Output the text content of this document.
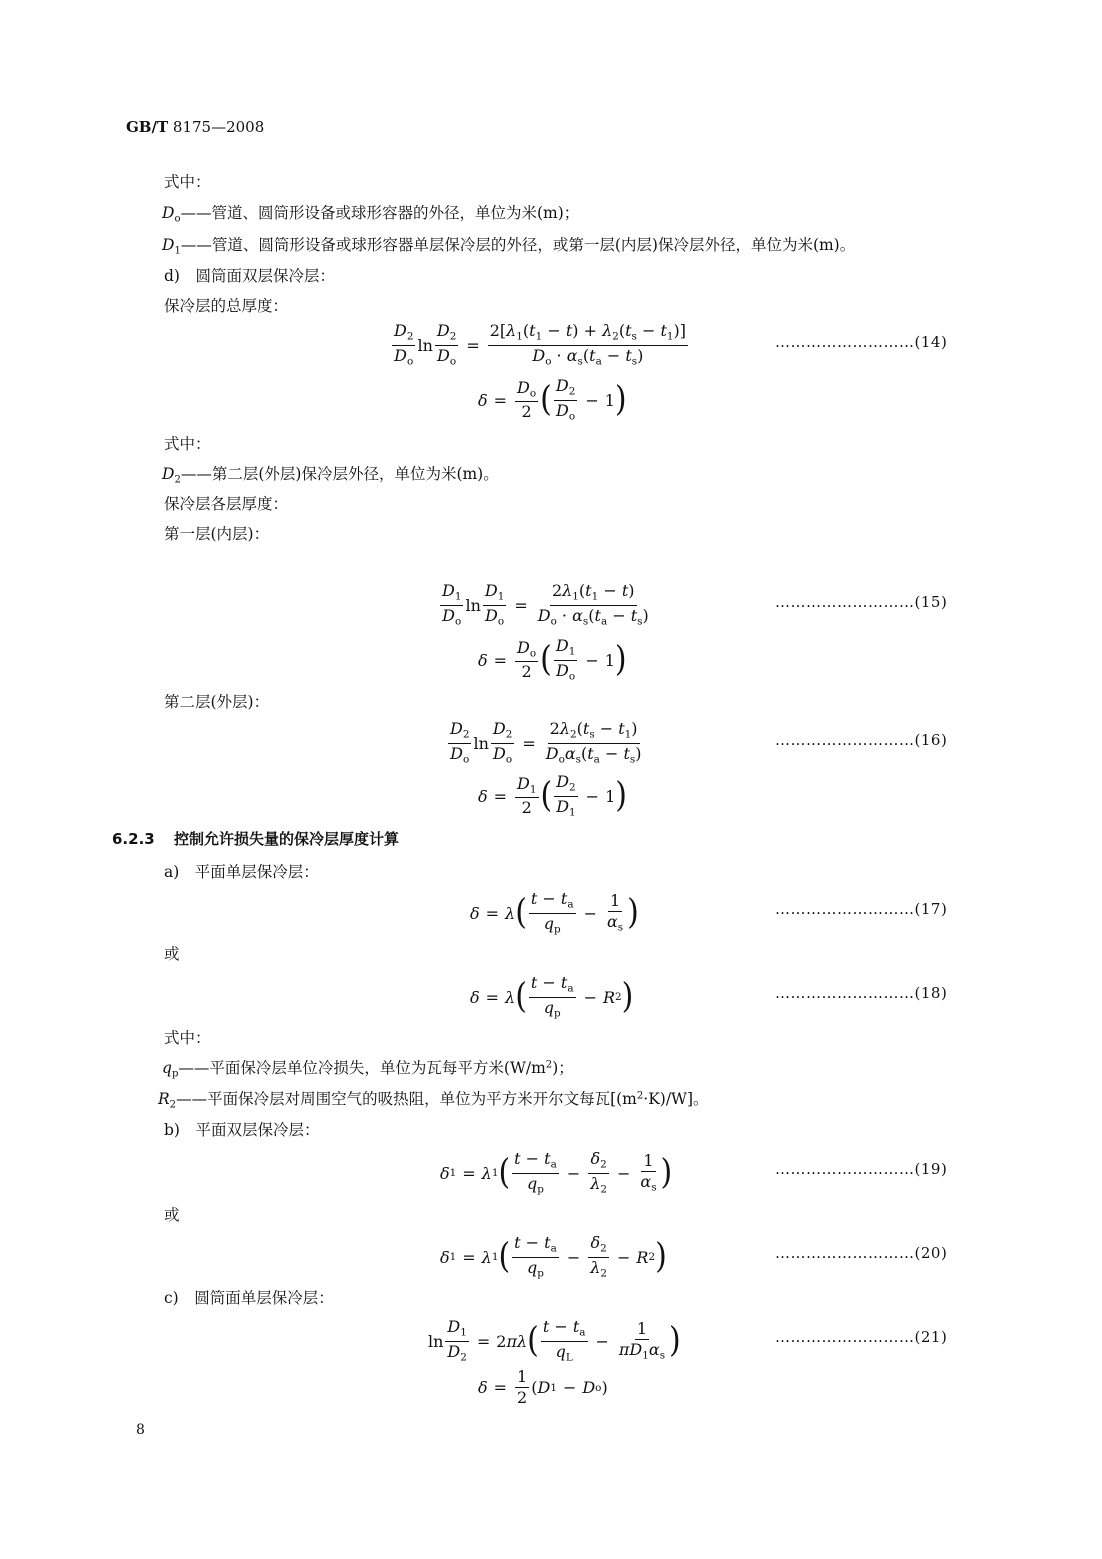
GB/T 8175—2008
式中：
$D_o——$管道、圆筒形设备或球形容器的外径，单位为米(m)；
$D_1——$管道、圆筒形设备或球形容器单层保冷层的外径，或第一层(内层)保冷层外径，单位为米(m)。
d)　圆筒面双层保冷层：
保冷层的总厚度：
$\frac{D_2}{D_o}$ $\ln \frac{D_2}{D_o} = \frac{2[\lambda_1(t_1 - t) + \lambda_2(t_s - t_1)]}{D_o \cdot \alpha_s(t_a - t_s)}$	………………………(14)
$\delta = \frac{D_o}{2}$ ( $\frac{D_2}{D_o} - 1$ )
式中：
$D_2——$第二层(外层)保冷层外径，单位为米(m)。
保冷层各层厚度：
第一层(内层)：
$\frac{D_1}{D_o}$ $\ln \frac{D_1}{D_o} = \frac{2\lambda_1(t_1 - t)}{D_o \cdot \alpha_s(t_a - t_s)}$	………………………(15)
$\delta = \frac{D_o}{2}$ ( $\frac{D_1}{D_o} - 1$ )
第二层(外层)：
$\frac{D_2}{D_o}$ $\ln \frac{D_2}{D_o} = \frac{2\lambda_2(t_s - t_1)}{D_o\alpha_s(t_a - t_s)}$	………………………(16)
$\delta = \frac{D_1}{2}$ ( $\frac{D_2}{D_1} - 1$ )
6.2.3 控制允许损失量的保冷层厚度计算
a)　平面单层保冷层：
δ = λ ( $\frac{t - t_a}{q_p} - \frac{1}{\alpha_s}$ )	………………………(17)
或
δ = λ ( $\frac{t - t_a}{q_p} - R$ 2 )	………………………(18)
式中：
$q_p——$平面保冷层单位冷损失，单位为瓦每平方米$(W/m^2)$；
$R_2——$平面保冷层对周围空气的吸热阻，单位为平方米开尔文每瓦$[(m^2\cdot K)/W]$。
b)　平面双层保冷层：
δ 1 = λ 1 ( $\frac{t - t_a}{q_p} - \frac{\delta_2}{\lambda_2} - \frac{1}{\alpha_s}$ )	………………………(19)
或
δ 1 = λ 1 ( $\frac{t - t_a}{q_p} - \frac{\delta_2}{\lambda_2} - R$ 2 )	………………………(20)
c)　圆筒面单层保冷层：
$\ln \frac{D_1}{D_2} = 2$ πλ ( $\frac{t - t_a}{q_L} - \frac{1}{\pi D_1\alpha_s}$ )	………………………(21)
$\delta = \frac{1}{2}$ ( D 1 − D o )
8
